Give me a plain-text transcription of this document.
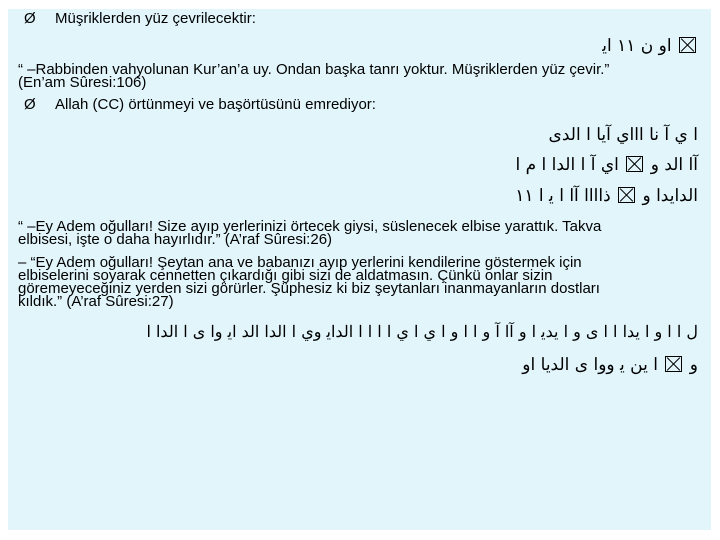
Ø Müşriklerden yüz çevrilecektir:
ﺍﻭ ﻥ ١١ ﺍﻳ
“ –Rabbinden vahyolunan Kur’an’a uy. Ondan başka tanrı yoktur. Müşriklerden yüz çevir.”
(En’am Sûresi:106)
Ø Allah (CC) örtünmeyi ve başörtüsünü emrediyor:
ﺍ ﻱ ﺁ ﻧﺎ ﺍﺍﺍﻱ ﺁﻳﺎ ﺍ ﺍﻟﺪﻯ
ﺁﺍ ﺍﻟﺪ ﻭ  ﺍﻱ ﺁ ﺍ ﺍﻟﺪﺍ ﺍ ﻡ ﺍ
ﺍﻟﺪﺍﻳﺪﺍ ﻭ  ﺫﺍﺍﺍﺍ ﺁﺍ ﺍ ﻳ ﺍ ١١
“ –Ey Adem oğulları! Size ayıp yerlerinizi örtecek giysi, süslenecek elbise yarattık. Takva
elbisesi, işte o daha hayırlıdır.” (A’raf Sûresi:26)
– “Ey Adem oğulları! Şeytan ana ve babanızı ayıp yerlerini kendilerine göstermek için
elbiselerini soyarak cennetten çıkardığı gibi sizi de aldatmasın. Çünkü onlar sizin
göremeyeceğiniz yerden sizi görürler. Şüphesiz ki biz şeytanları inanmayanların dostları
kıldık.” (A’raf Sûresi:27)
ﻝ ﺍ ﺍ ﻭ ﺍ ﻳﺪﺍ ﺍ ﺍ ﻯ ﻭ ﺍ ﻳﺪﻳ ﺍ ﻭ ﺁﺍ ﺁ ﻭ ﺍ ﺍ ﻭ ﺍ ﻱ ﺍ ﻱ ﺍ ﺍ ﺍ ﺍ ﺍﻟﺪﺍﻳ ﻭﻱ ﺍ ﺍﻟﺪﺍ ﺍﻟﺪ ﺍﻳ ﻭﺍ ﻯ ﺍ ﺍﻟﺪﺍ ﺍ
ﻭ  ﺍ ﻳﻦ ﻳ ﻭﻭﺍ ﻯ ﺍﻟﺪﻳﺎ ﺍﻭ
